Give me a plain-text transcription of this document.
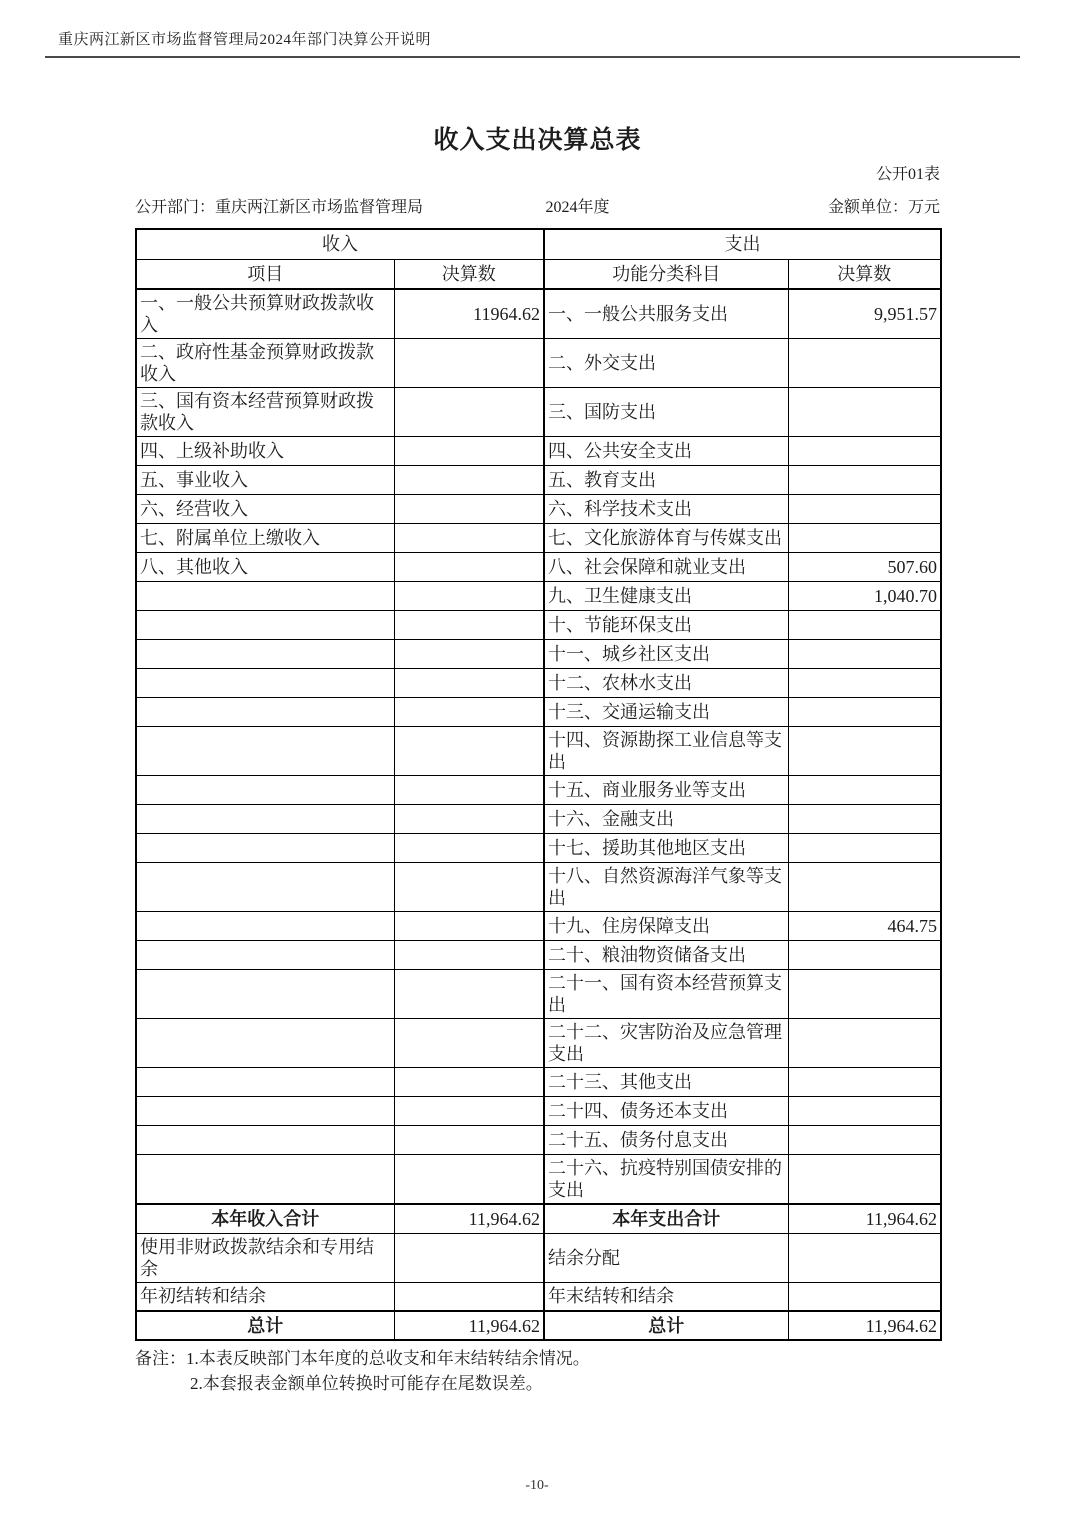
重庆两江新区市场监督管理局2024年部门决算公开说明
收入支出决算总表
公开01表
公开部门：重庆两江新区市场监督管理局	2024年度	金额单位：万元
收入		支出	
项目	决算数	功能分类科目	决算数
一、一般公共预算财政拨款收入	11964.62	一、一般公共服务支出	9,951.57
二、政府性基金预算财政拨款收入		二、外交支出	
三、国有资本经营预算财政拨款收入		三、国防支出	
四、上级补助收入		四、公共安全支出	
五、事业收入		五、教育支出	
六、经营收入		六、科学技术支出	
七、附属单位上缴收入		七、文化旅游体育与传媒支出	
八、其他收入		八、社会保障和就业支出	507.60
		九、卫生健康支出	1,040.70
		十、节能环保支出	
		十一、城乡社区支出	
		十二、农林水支出	
		十三、交通运输支出	
		十四、资源勘探工业信息等支出	
		十五、商业服务业等支出	
		十六、金融支出	
		十七、援助其他地区支出	
		十八、自然资源海洋气象等支出	
		十九、住房保障支出	464.75
		二十、粮油物资储备支出	
		二十一、国有资本经营预算支出	
		二十二、灾害防治及应急管理支出	
		二十三、其他支出	
		二十四、债务还本支出	
		二十五、债务付息支出	
		二十六、抗疫特别国债安排的支出	
本年收入合计	11,964.62	本年支出合计	11,964.62
使用非财政拨款结余和专用结余		结余分配	
年初结转和结余		年末结转和结余	
总计	11,964.62	总计	11,964.62
备注：1.本表反映部门本年度的总收支和年末结转结余情况。
2.本套报表金额单位转换时可能存在尾数误差。
-10-
